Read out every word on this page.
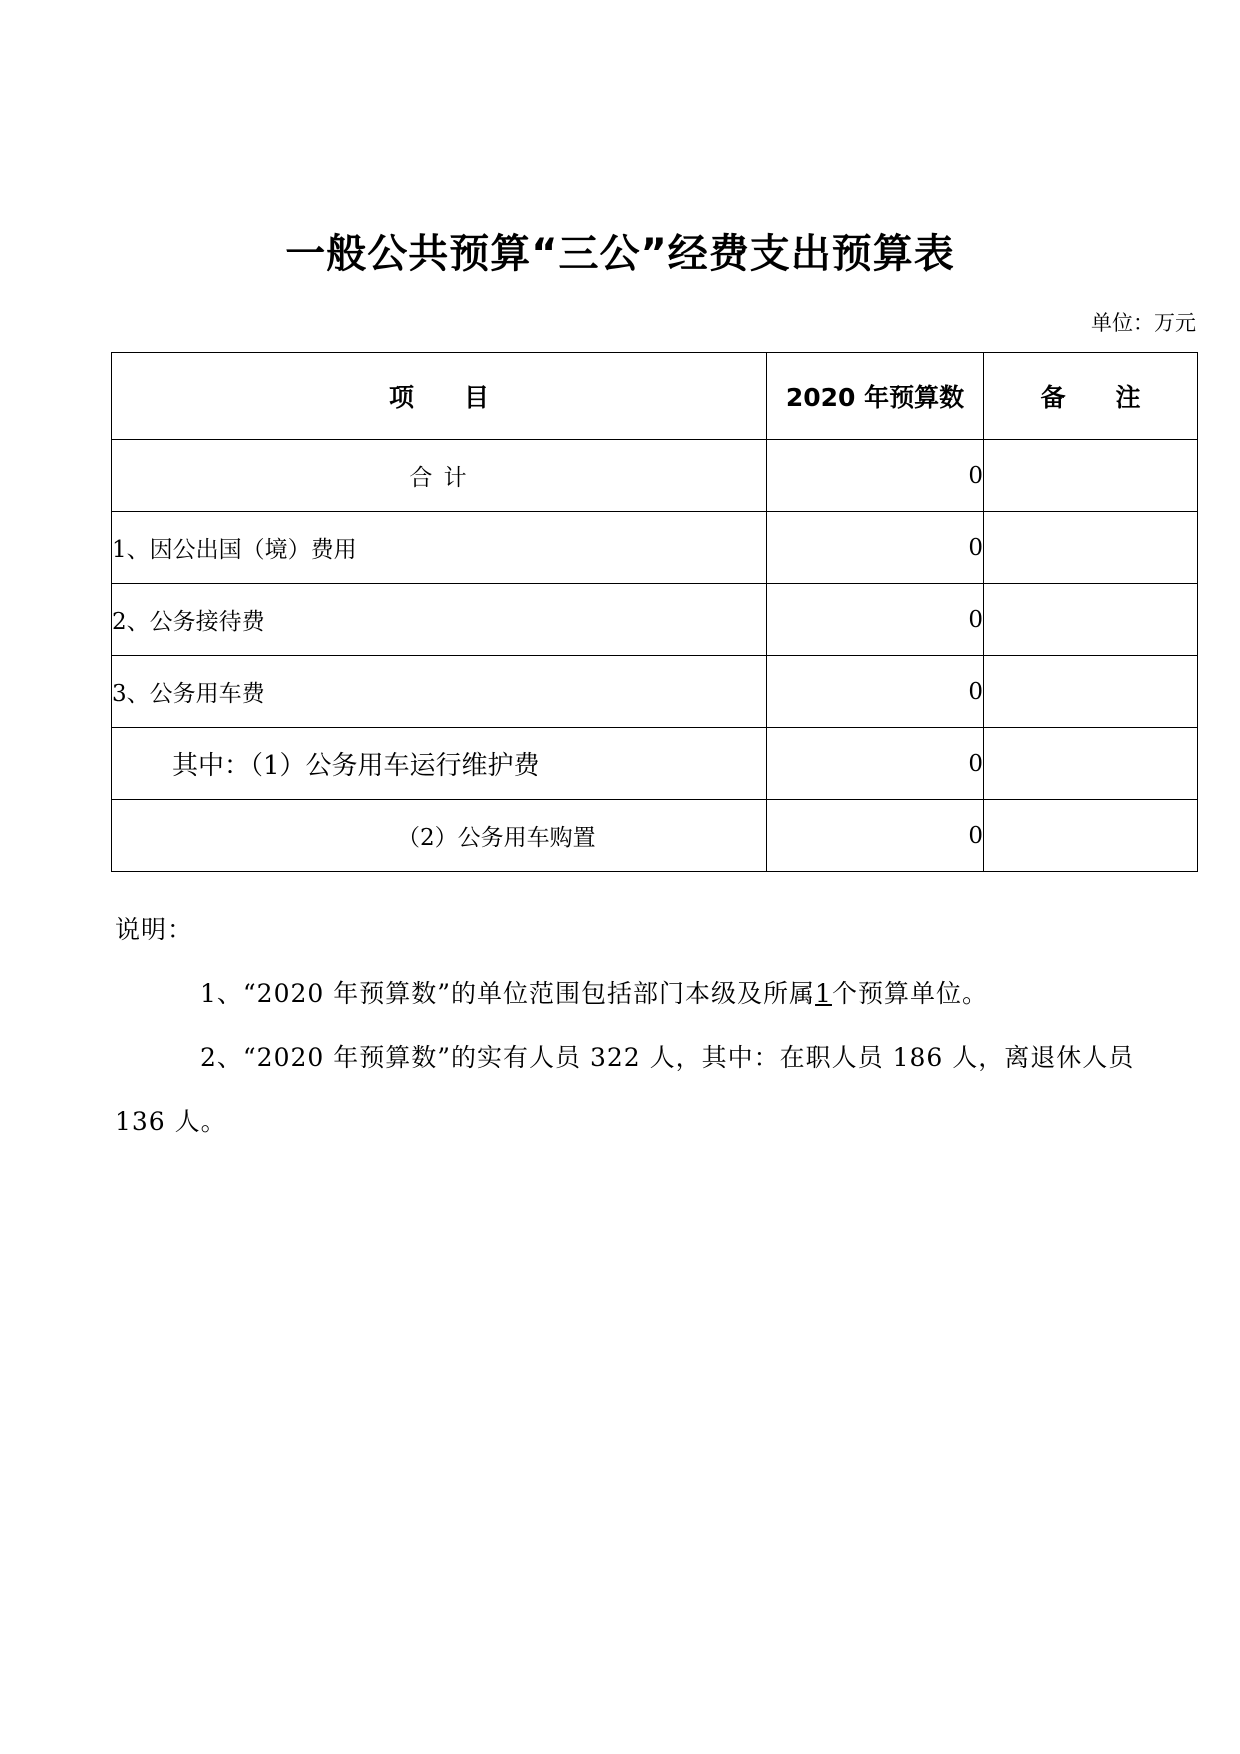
一般公共预算“三公”经费支出预算表
单位：万元
项　　目	2020 年预算数	备　　注
合 计	0	
1、因公出国（境）费用	0	
2、公务接待费	0	
3、公务用车费	0	
其中：（1）公务用车运行维护费	0	
（2）公务用车购置	0	
说明：
1、“2020 年预算数”的单位范围包括部门本级及所属1个预算单位。
2、“2020 年预算数”的实有人员 322 人，其中：在职人员 186 人，离退休人员 136 人。
